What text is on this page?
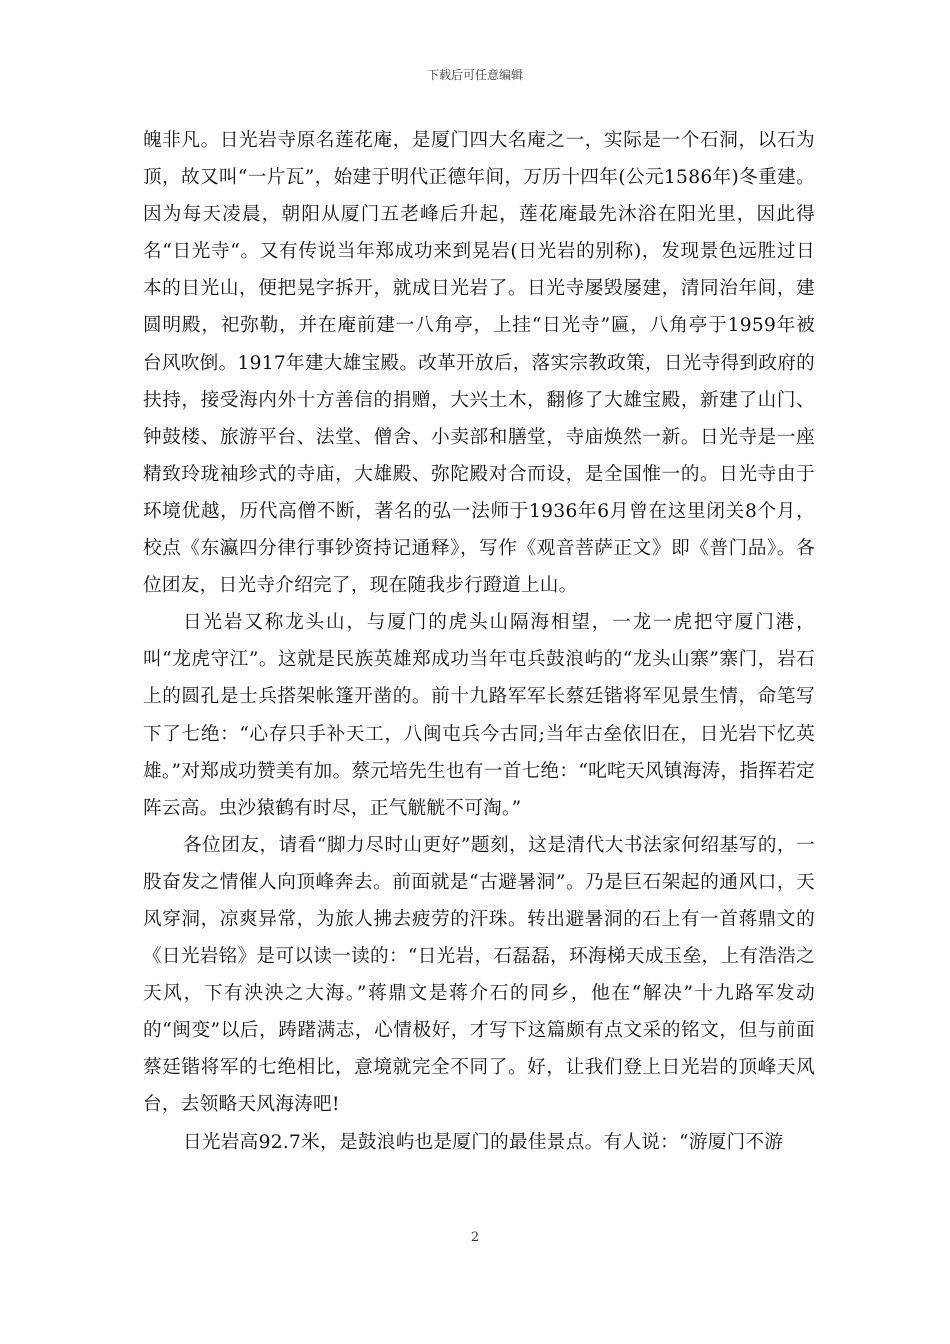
下载后可任意编辑

魄非凡。日光岩寺原名莲花庵，是厦门四大名庵之一，实际是一个石洞，以石为顶，故又叫“一片瓦”，始建于明代正德年间，万历十四年(公元1586年)冬重建。因为每天凌晨，朝阳从厦门五老峰后升起，莲花庵最先沐浴在阳光里，因此得名“日光寺“。又有传说当年郑成功来到晃岩(日光岩的别称)，发现景色远胜过日本的日光山，便把晃字拆开，就成日光岩了。日光寺屡毁屡建，清同治年间，建圆明殿，祀弥勒，并在庵前建一八角亭，上挂“日光寺”匾，八角亭于1959年被台风吹倒。1917年建大雄宝殿。改革开放后，落实宗教政策，日光寺得到政府的扶持，接受海内外十方善信的捐赠，大兴土木，翻修了大雄宝殿，新建了山门、钟鼓楼、旅游平台、法堂、僧舍、小卖部和膳堂，寺庙焕然一新。日光寺是一座精致玲珑袖珍式的寺庙，大雄殿、弥陀殿对合而设，是全国惟一的。日光寺由于环境优越，历代高僧不断，著名的弘一法师于1936年6月曾在这里闭关8个月，校点《东瀛四分律行事钞资持记通释》，写作《观音菩萨正文》即《普门品》。各位团友，日光寺介绍完了，现在随我步行蹬道上山。

日光岩又称龙头山，与厦门的虎头山隔海相望，一龙一虎把守厦门港，叫“龙虎守江”。这就是民族英雄郑成功当年屯兵鼓浪屿的“龙头山寨”寨门，岩石上的圆孔是士兵搭架帐篷开凿的。前十九路军军长蔡廷锴将军见景生情，命笔写下了七绝：“心存只手补天工，八闽屯兵今古同;当年古垒依旧在，日光岩下忆英雄。”对郑成功赞美有加。蔡元培先生也有一首七绝：“叱咤天风镇海涛，指挥若定阵云高。虫沙猿鹤有时尽，正气觥觥不可淘。”

各位团友，请看“脚力尽时山更好”题刻，这是清代大书法家何绍基写的，一股奋发之情催人向顶峰奔去。前面就是“古避暑洞”。乃是巨石架起的通风口，天风穿洞，凉爽异常，为旅人拂去疲劳的汗珠。转出避暑洞的石上有一首蒋鼎文的《日光岩铭》是可以读一读的：“日光岩，石磊磊，环海梯天成玉垒，上有浩浩之天风，下有泱泱之大海。”蒋鼎文是蒋介石的同乡，他在“解决”十九路军发动的“闽变”以后，踌躇满志，心情极好，才写下这篇颇有点文采的铭文，但与前面蔡廷锴将军的七绝相比，意境就完全不同了。好，让我们登上日光岩的顶峰天风台，去领略天风海涛吧!

日光岩高92.7米，是鼓浪屿也是厦门的最佳景点。有人说：“游厦门不游

2
